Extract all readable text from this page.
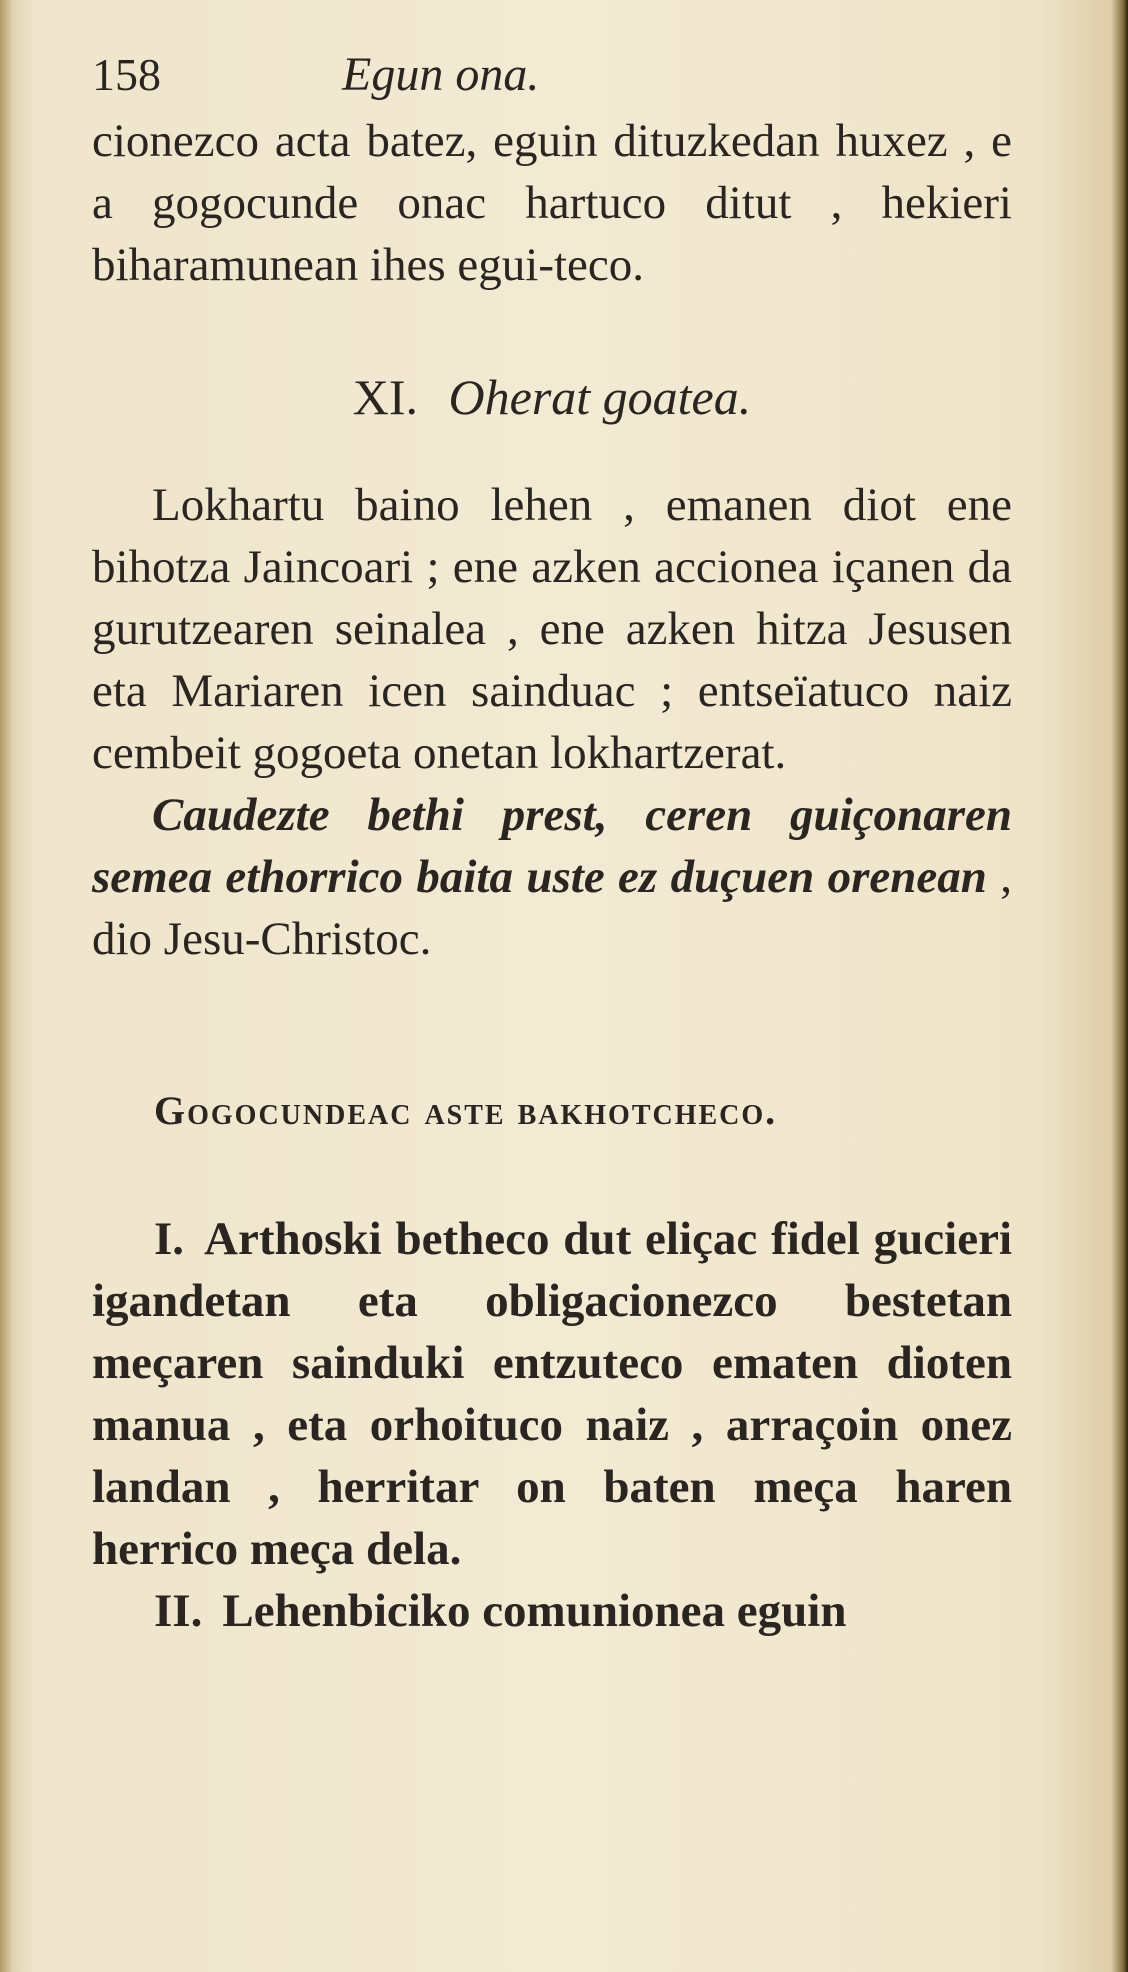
158	Egun ona.

cionezco acta batez, eguin dituzkedan huxez , e a gogocunde onac hartuco ditut , hekieri biharamunean ihes egui-teco.

XI. Oherat goatea.

Lokhartu baino lehen , emanen diot ene bihotza Jaincoari ; ene azken accionea içanen da gurutzearen seinalea , ene azken hitza Jesusen eta Mariaren icen sainduac ; entseïatuco naiz cembeit gogoeta onetan lokhartzerat.

Caudezte bethi prest, ceren guiçonaren semea ethorrico baita uste ez duçuen orenean , dio Jesu-Christoc.

Gogocundeac aste bakhotcheco.

I. Arthoski betheco dut eliçac fidel gucieri igandetan eta obligacionezco bestetan meçaren sainduki entzuteco ematen dioten manua , eta orhoituco naiz , arraçoin onez landan , herritar on baten meça haren herrico meça dela.

II. Lehenbiciko comunionea eguin
